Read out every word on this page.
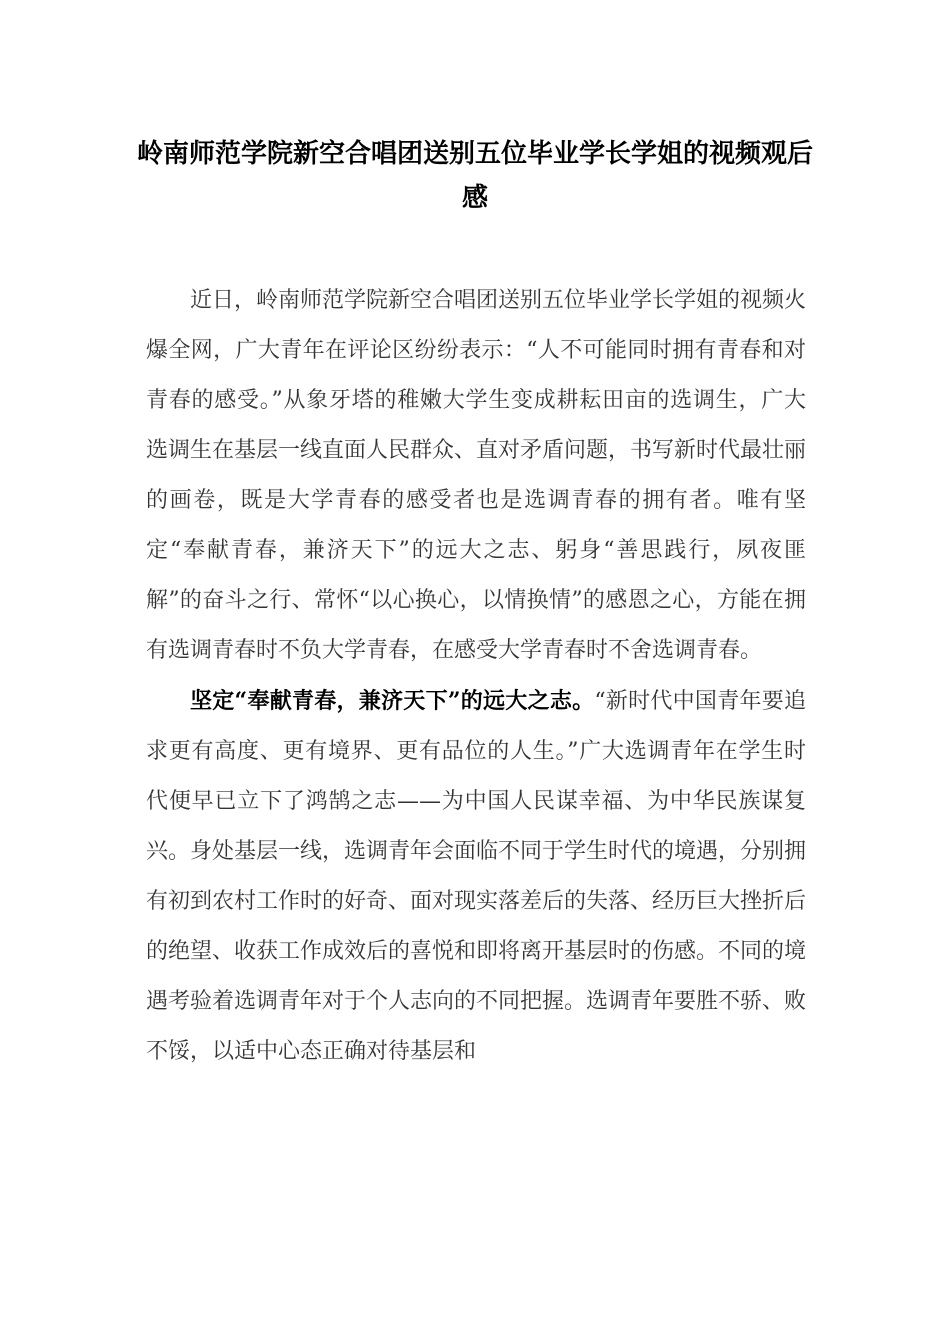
岭南师范学院新空合唱团送别五位毕业学长学姐的视频观后感

近日，岭南师范学院新空合唱团送别五位毕业学长学姐的视频火爆全网，广大青年在评论区纷纷表示：“人不可能同时拥有青春和对青春的感受。”从象牙塔的稚嫩大学生变成耕耘田亩的选调生，广大选调生在基层一线直面人民群众、直对矛盾问题，书写新时代最壮丽的画卷，既是大学青春的感受者也是选调青春的拥有者。唯有坚定“奉献青春，兼济天下”的远大之志、躬身“善思践行，夙夜匪解”的奋斗之行、常怀“以心换心，以情换情”的感恩之心，方能在拥有选调青春时不负大学青春，在感受大学青春时不舍选调青春。

坚定“奉献青春，兼济天下”的远大之志。“新时代中国青年要追求更有高度、更有境界、更有品位的人生。”广大选调青年在学生时代便早已立下了鸿鹄之志——为中国人民谋幸福、为中华民族谋复兴。身处基层一线，选调青年会面临不同于学生时代的境遇，分别拥有初到农村工作时的好奇、面对现实落差后的失落、经历巨大挫折后的绝望、收获工作成效后的喜悦和即将离开基层时的伤感。不同的境遇考验着选调青年对于个人志向的不同把握。选调青年要胜不骄、败不馁，以适中心态正确对待基层和
